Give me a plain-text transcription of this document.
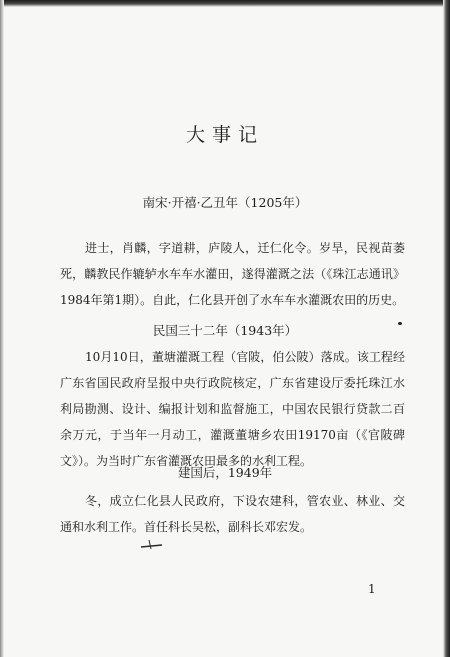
大事记
南宋·开禧·乙丑年（1205年）

进士，肖麟，字道耕，庐陵人，迁仁化令。岁旱，民视苗萎死，麟教民作辘轳水车车水灌田，遂得灌溉之法（《珠江志通讯》1984年第1期）。自此，仁化县开创了水车车水灌溉农田的历史。

民国三十二年（1943年）

10月10日，董塘灌溉工程（官陂，伯公陂）落成。该工程经广东省国民政府呈报中央行政院核定，广东省建设厅委托珠江水利局勘测、设计、编报计划和监督施工，中国农民银行贷款二百余万元，于当年一月动工，灌溉董塘乡农田19170亩（《官陂碑文》）。为当时广东省灌溉农田最多的水利工程。

建国后，1949年

冬，成立仁化县人民政府，下设农建科，管农业、林业、交通和水利工作。首任科长吴松，副科长邓宏发。

1
